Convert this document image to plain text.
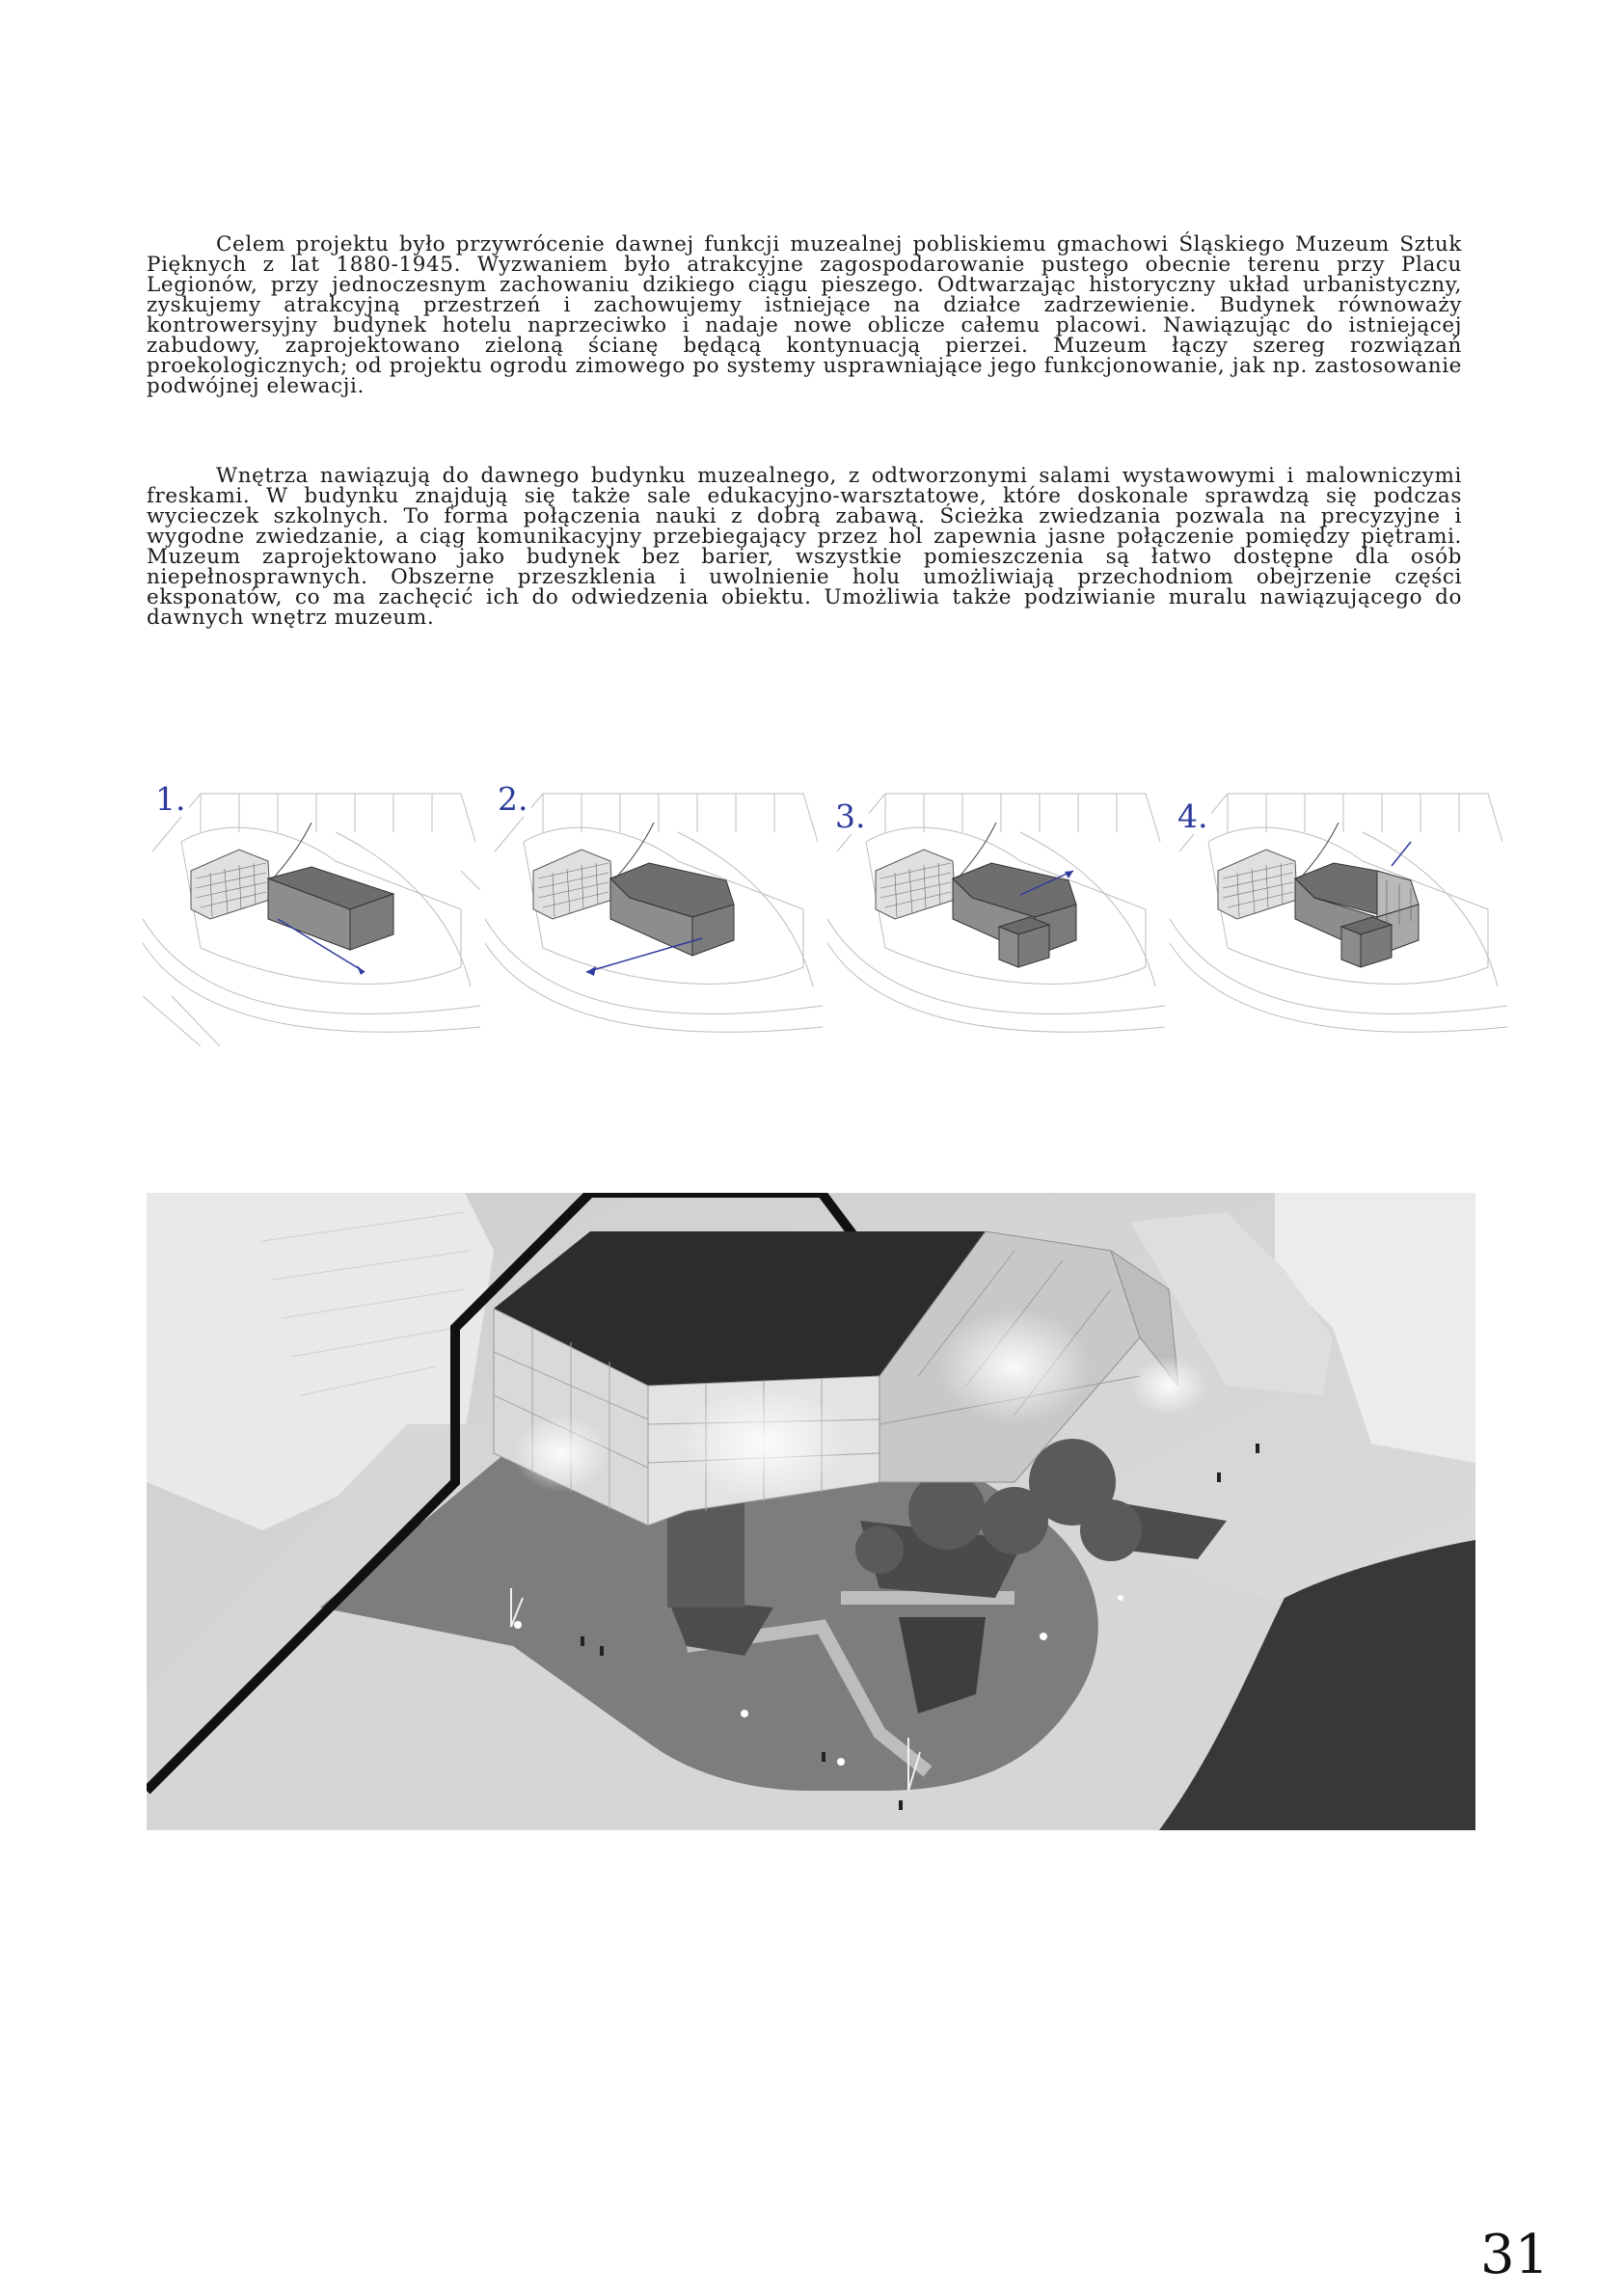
Celem projektu było przywrócenie dawnej funkcji muzealnej pobliskiemu gmachowi Śląskiego Muzeum Sztuk Pięknych z lat 1880-1945. Wyzwaniem było atrakcyjne zagospodarowanie pustego obecnie terenu przy Placu Legionów, przy jednoczesnym zachowaniu dzikiego ciągu pieszego. Odtwarzając historyczny układ urbanistyczny, zyskujemy atrakcyjną przestrzeń i zachowujemy istniejące na działce zadrzewienie. Budynek równoważy kontrowersyjny budynek hotelu naprzeciwko i nadaje nowe oblicze całemu placowi. Nawiązując do istniejącej zabudowy, zaprojektowano zieloną ścianę będącą kontynuacją pierzei. Muzeum łączy szereg rozwiązań proekologicznych; od projektu ogrodu zimowego po systemy usprawniające jego funkcjonowanie, jak np. zastosowanie podwójnej elewacji.

Wnętrza nawiązują do dawnego budynku muzealnego, z odtworzonymi salami wystawowymi i malowniczymi freskami. W budynku znajdują się także sale edukacyjno-warsztatowe, które doskonale sprawdzą się podczas wycieczek szkolnych. To forma połączenia nauki z dobrą zabawą. Ścieżka zwiedzania pozwala na precyzyjne i wygodne zwiedzanie, a ciąg komunikacyjny przebiegający przez hol zapewnia jasne połączenie pomiędzy piętrami. Muzeum zaprojektowano jako budynek bez barier, wszystkie pomieszczenia są łatwo dostępne dla osób niepełnosprawnych. Obszerne przeszklenia i uwolnienie holu umożliwiają przechodniom obejrzenie części eksponatów, co ma zachęcić ich do odwiedzenia obiektu. Umożliwia także podziwianie muralu nawiązującego do dawnych wnętrz muzeum.

1.	2.	3.	4.
31
